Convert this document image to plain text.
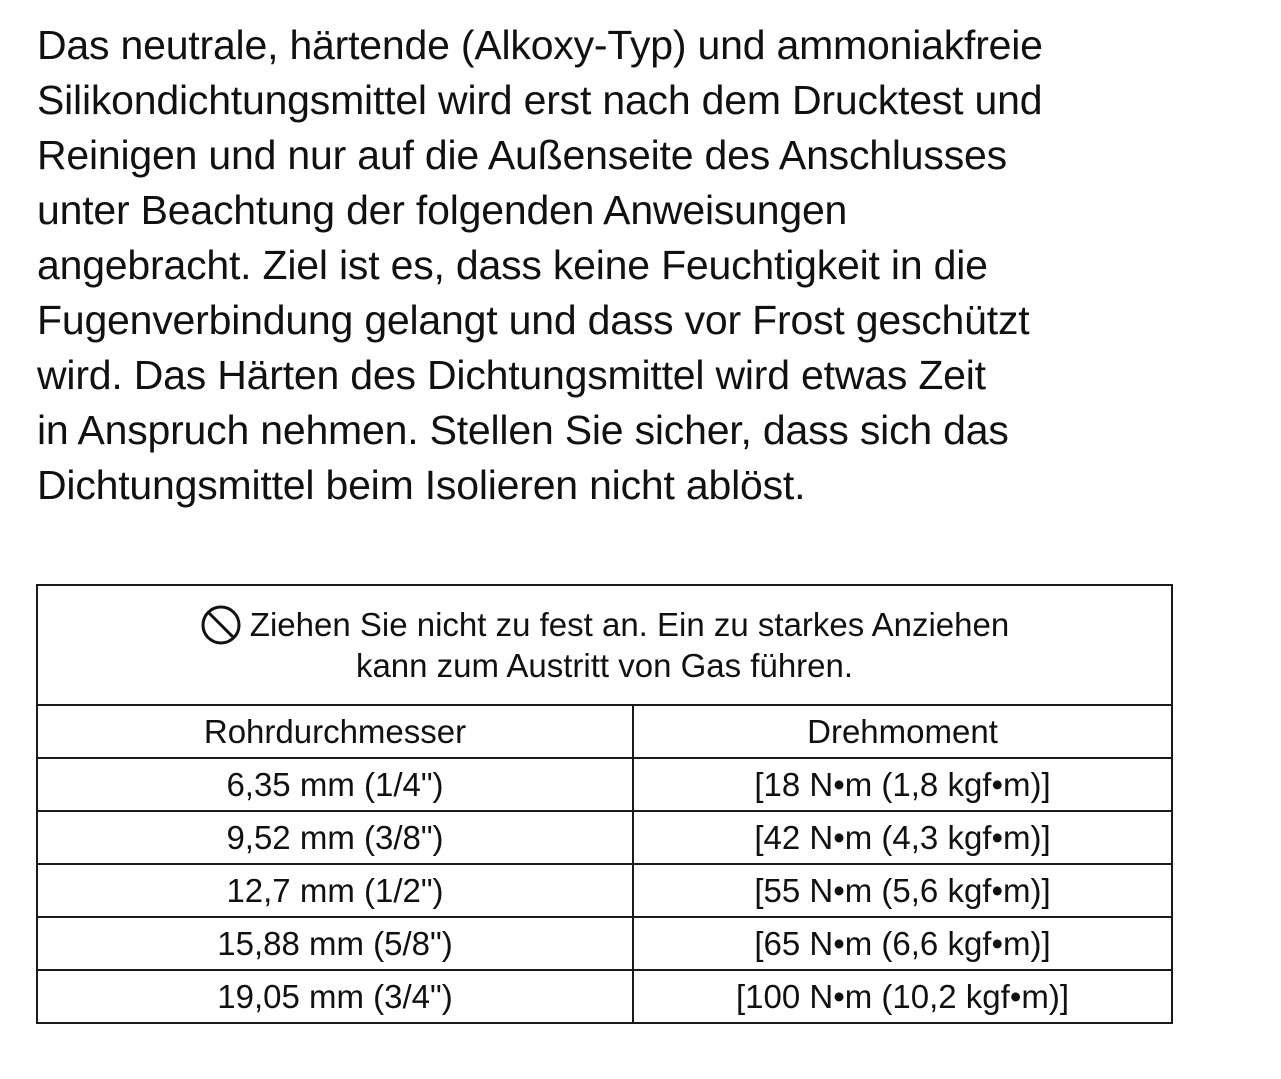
Das neutrale, härtende (Alkoxy-Typ) und ammoniakfreie
Silikondichtungsmittel wird erst nach dem Drucktest und
Reinigen und nur auf die Außenseite des Anschlusses
unter Beachtung der folgenden Anweisungen
angebracht. Ziel ist es, dass keine Feuchtigkeit in die
Fugenverbindung gelangt und dass vor Frost geschützt
wird. Das Härten des Dichtungsmittel wird etwas Zeit
in Anspruch nehmen. Stellen Sie sicher, dass sich das
Dichtungsmittel beim Isolieren nicht ablöst.
Ziehen Sie nicht zu fest an. Ein zu starkes Anziehen
kann zum Austritt von Gas führen.	

Rohrdurchmesser	Drehmoment
6,35 mm (1/4")	[18 N•m (1,8 kgf•m)]
9,52 mm (3/8")	[42 N•m (4,3 kgf•m)]
12,7 mm (1/2")	[55 N•m (5,6 kgf•m)]
15,88 mm (5/8")	[65 N•m (6,6 kgf•m)]
19,05 mm (3/4")	[100 N•m (10,2 kgf•m)]
